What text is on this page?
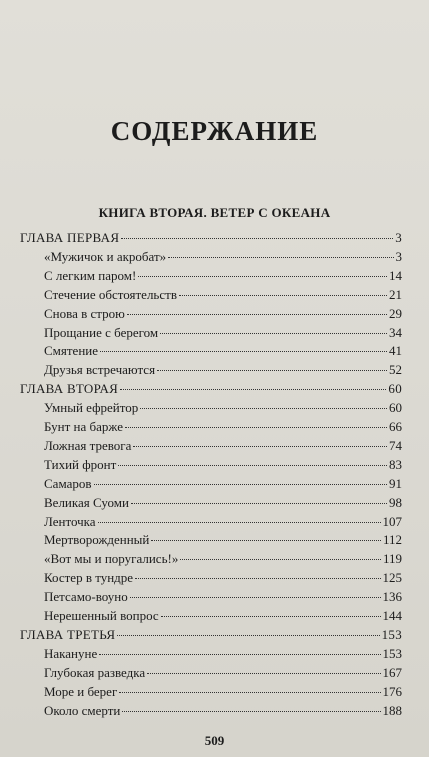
СОДЕРЖАНИЕ
КНИГА ВТОРАЯ. ВЕТЕР С ОКЕАНА
ГЛАВА ПЕРВАЯ	3
«Мужичок и акробат»	3
С легким паром!	14
Стечение обстоятельств	21
Снова в строю	29
Прощание с берегом	34
Смятение	41
Друзья встречаются	52
ГЛАВА ВТОРАЯ	60
Умный ефрейтор	60
Бунт на барже	66
Ложная тревога	74
Тихий фронт	83
Самаров	91
Великая Суоми	98
Ленточка	107
Мертворожденный	112
«Вот мы и поругались!»	119
Костер в тундре	125
Петсамо-воуно	136
Нерешенный вопрос	144
ГЛАВА ТРЕТЬЯ	153
Накануне	153
Глубокая разведка	167
Море и берег	176
Около смерти	188
509
